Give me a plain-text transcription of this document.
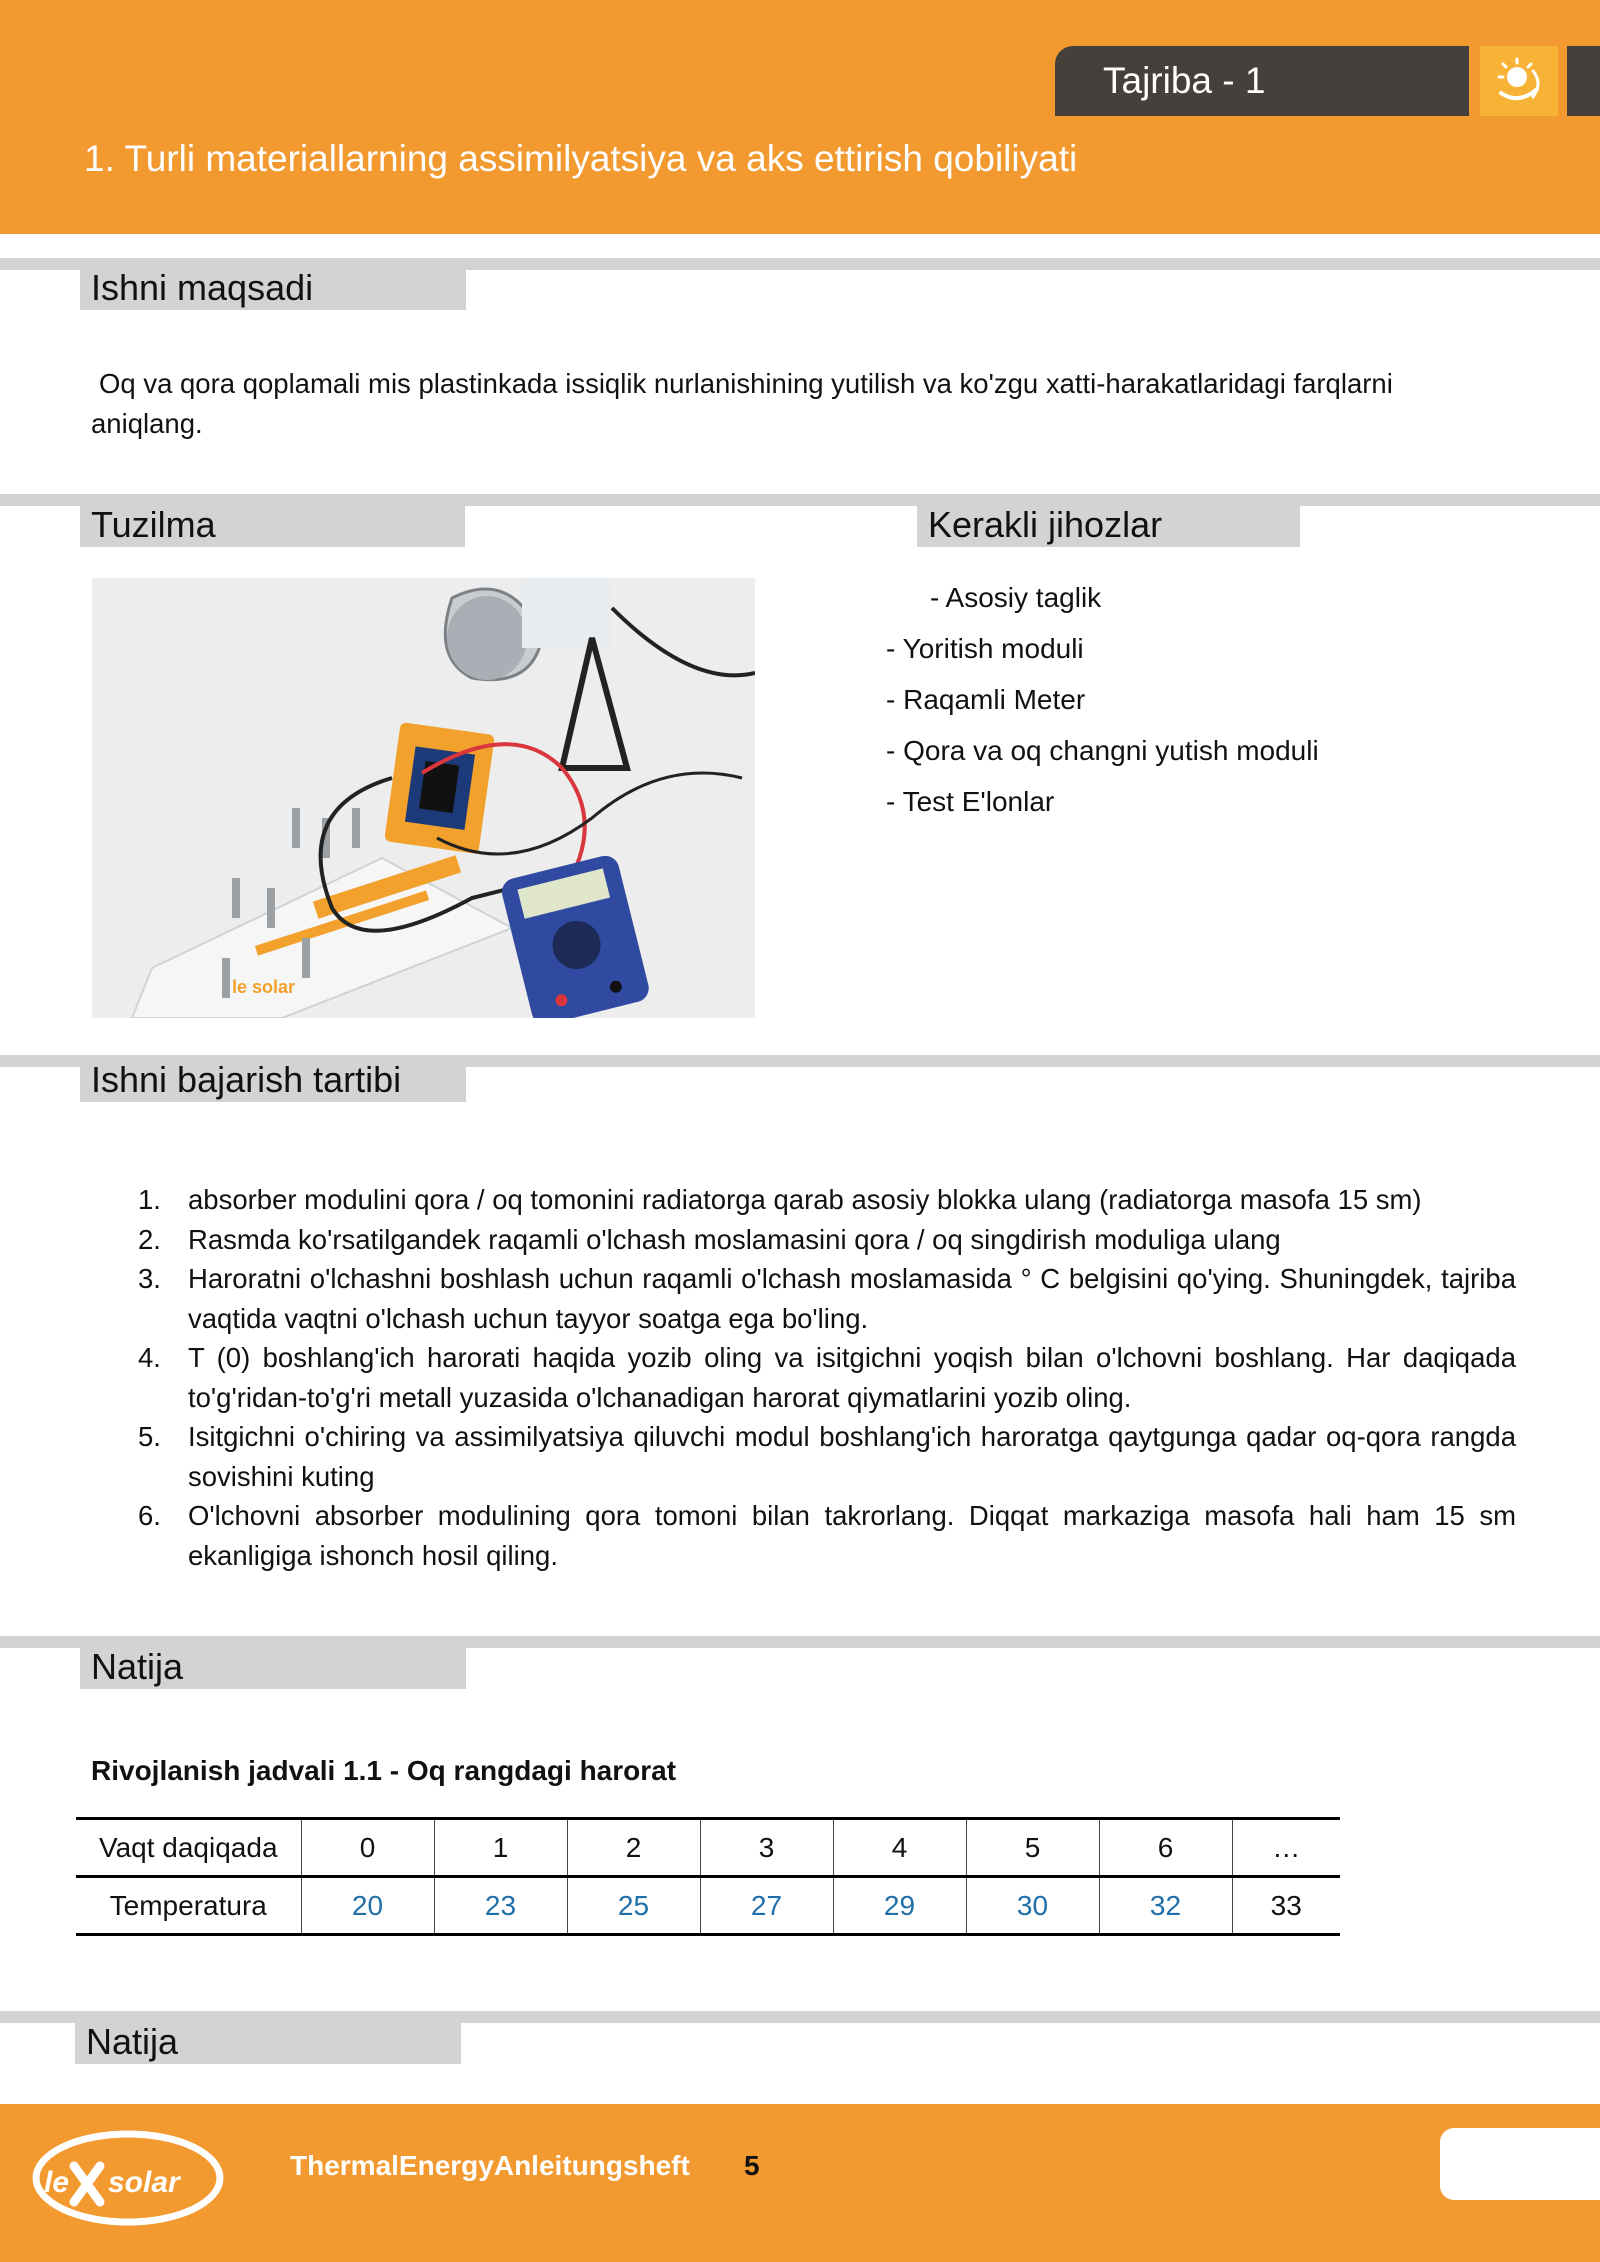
Tajriba - 1
1. Turli materiallarning assimilyatsiya va aks ettirish qobiliyati
Ishni maqsadi
Oq va qora qoplamali mis plastinkada issiqlik nurlanishining yutilish va ko'zgu xatti-harakatlaridagi farqlarni aniqlang.
Tuzilma	Kerakli jihozlar
le solar
- Asosiy taglik
- Yoritish moduli
- Raqamli Meter
- Qora va oq changni yutish moduli
- Test E'lonlar
Ishni bajarish tartibi
1. absorber modulini qora / oq tomonini radiatorga qarab asosiy blokka ulang (radiatorga masofa 15 sm)
2. Rasmda ko'rsatilgandek raqamli o'lchash moslamasini qora / oq singdirish moduliga ulang
3. Haroratni o'lchashni boshlash uchun raqamli o'lchash moslamasida ° C belgisini qo'ying. Shuningdek, tajriba vaqtida vaqtni o'lchash uchun tayyor soatga ega bo'ling.
4. T (0) boshlang'ich harorati haqida yozib oling va isitgichni yoqish bilan o'lchovni boshlang. Har daqiqada to'g'ridan-to'g'ri metall yuzasida o'lchanadigan harorat qiymatlarini yozib oling.
5. Isitgichni o'chiring va assimilyatsiya qiluvchi modul boshlang'ich haroratga qaytgunga qadar oq-qora rangda sovishini kuting
6. O'lchovni absorber modulining qora tomoni bilan takrorlang. Diqqat markaziga masofa hali ham 15 sm ekanligiga ishonch hosil qiling.
Natija
Rivojlanish jadvali 1.1 - Oq rangdagi harorat
Vaqt daqiqada	0	1	2	3	4	5	6	…
Temperatura	20	23	25	27	29	30	32	33
Natija
le solar
ThermalEnergyAnleitungsheft 5
